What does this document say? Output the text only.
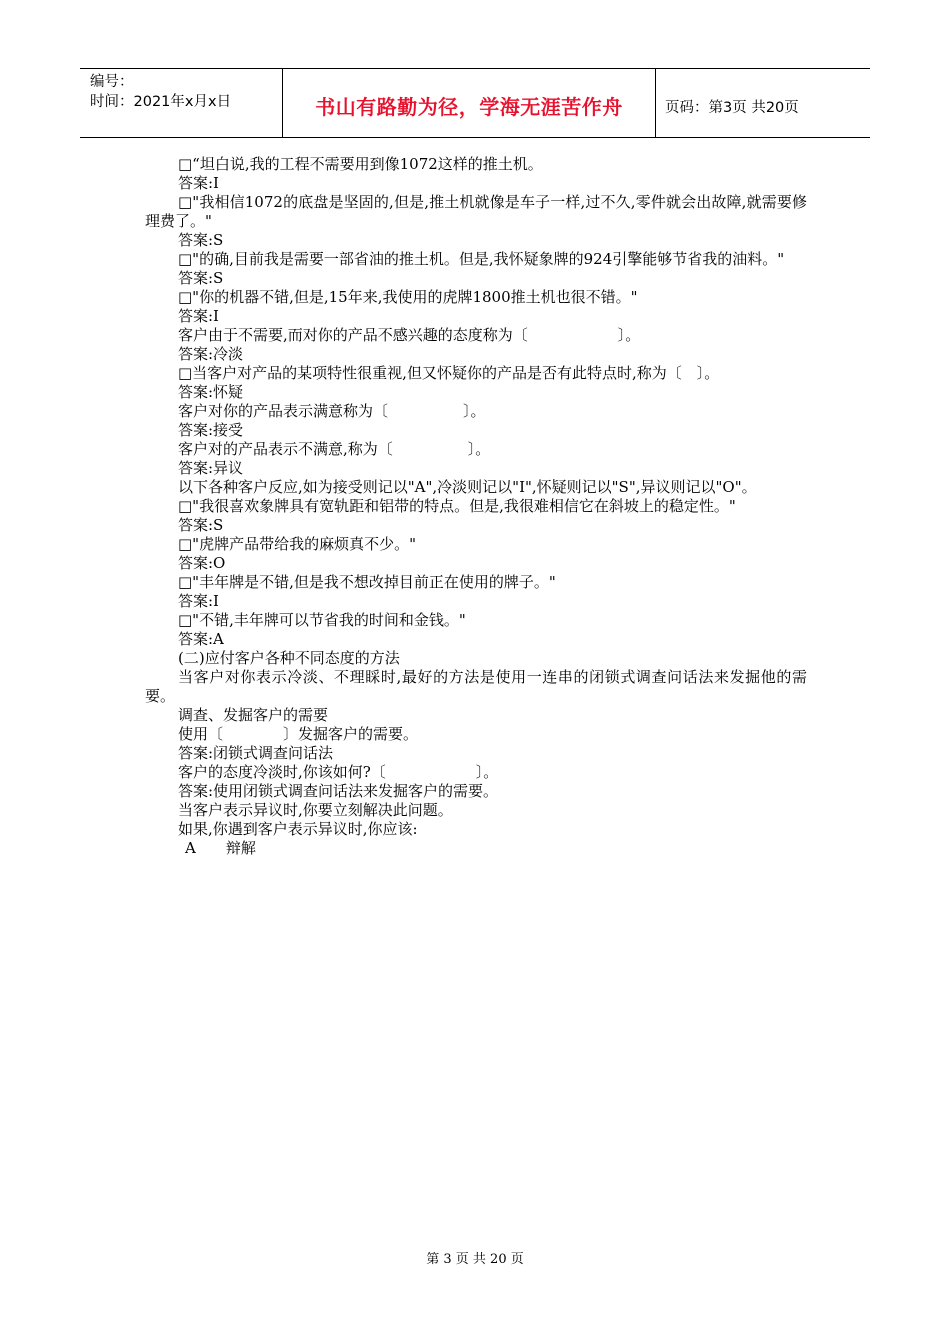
编号：
时间：2021年x月x日	书山有路勤为径，学海无涯苦作舟	页码：第3页 共20页

□“坦白说,我的工程不需要用到像1072这样的推土机。

答案:I

□"我相信1072的底盘是坚固的,但是,推土机就像是车子一样,过不久,零件就会出故障,就需要修理费了。"

答案:S

□"的确,目前我是需要一部省油的推土机。但是,我怀疑象牌的924引擎能够节省我的油料。"

答案:S

□"你的机器不错,但是,15年来,我使用的虎牌1800推土机也很不错。"

答案:I

客户由于不需要,而对你的产品不感兴趣的态度称为〔　　　　　　〕。

答案:冷淡

□当客户对产品的某项特性很重视,但又怀疑你的产品是否有此特点时,称为〔　〕。

答案:怀疑

客户对你的产品表示满意称为〔　　　　　〕。

答案:接受

客户对的产品表示不满意,称为〔　　　　　〕。

答案:异议

以下各种客户反应,如为接受则记以"A",冷淡则记以"I",怀疑则记以"S",异议则记以"O"。

□"我很喜欢象牌具有宽轨距和铝带的特点。但是,我很难相信它在斜坡上的稳定性。"

答案:S

□"虎牌产品带给我的麻烦真不少。"

答案:O

□"丰年牌是不错,但是我不想改掉目前正在使用的牌子。"

答案:I

□"不错,丰年牌可以节省我的时间和金钱。"

答案:A

(二)应付客户各种不同态度的方法

当客户对你表示冷淡、不理睬时,最好的方法是使用一连串的闭锁式调查问话法来发掘他的需要。

调查、发掘客户的需要

使用〔　　　　〕发掘客户的需要。

答案:闭锁式调查问话法

客户的态度冷淡时,你该如何?〔　　　　　　〕。

答案:使用闭锁式调查问话法来发掘客户的需要。

当客户表示异议时,你要立刻解决此问题。

如果,你遇到客户表示异议时,你应该:

A　　辩解

第 3 页 共 20 页
